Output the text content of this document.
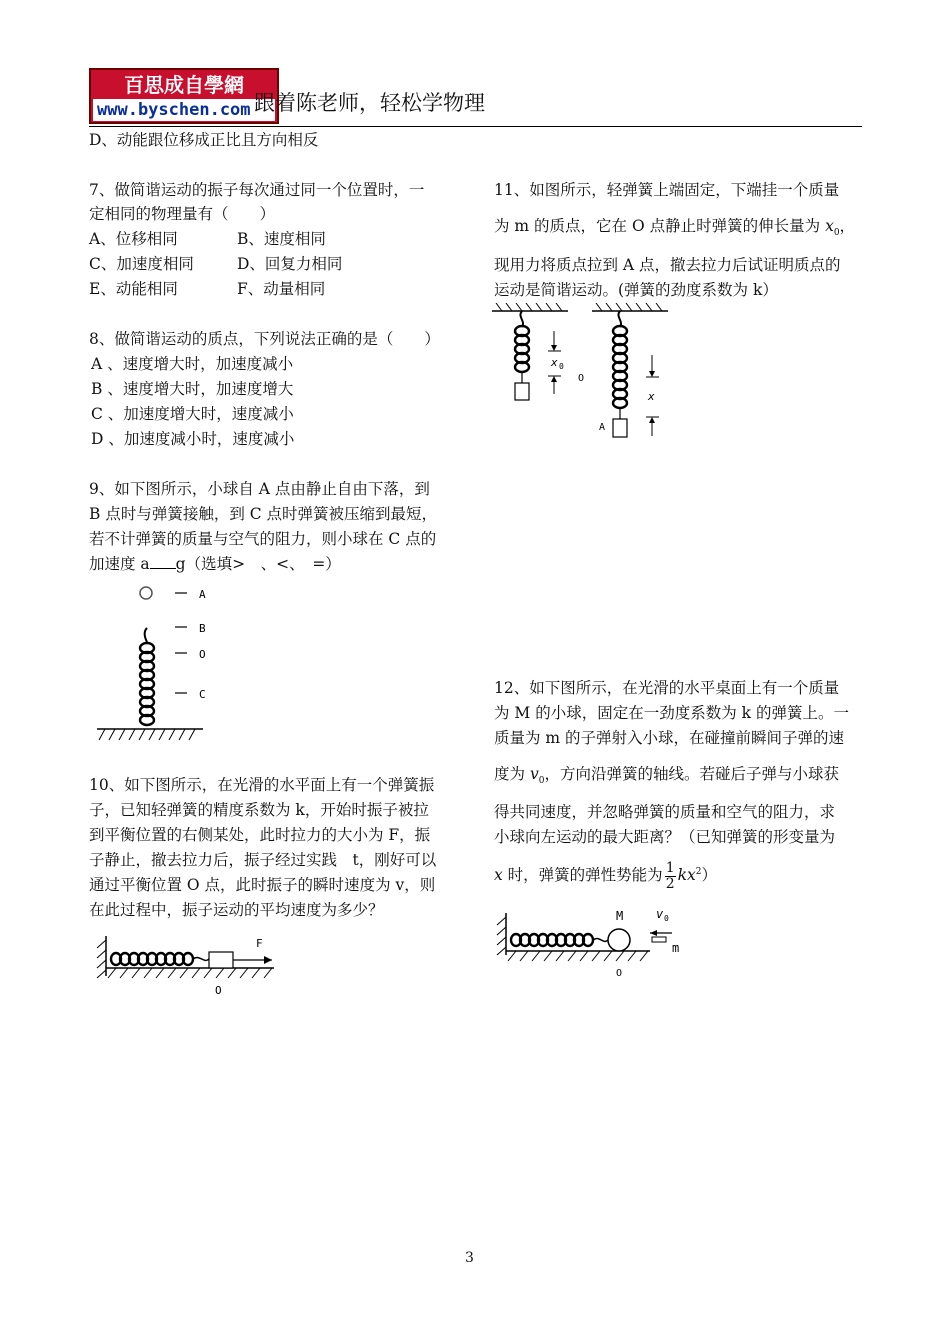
百思成自學網
www.byschen.com 跟着陈老师，轻松学物理
D、动能跟位移成正比且方向相反
7、做简谐运动的振子每次通过同一个位置时，一
定相同的物理量有（　　）
A、位移相同	B、速度相同
C、加速度相同	D、回复力相同
E、动能相同	F、动量相同
8、做简谐运动的质点，下列说法正确的是（　　）
A 、速度增大时，加速度减小
B 、速度增大时，加速度增大
C 、加速度增大时，速度减小
D 、加速度减小时，速度减小
9、如下图所示，小球自 A 点由静止自由下落，到
B 点时与弹簧接触，到 C 点时弹簧被压缩到最短，
若不计弹簧的质量与空气的阻力，则小球在 C 点的
加速度 a g（选填>　、<、　=）
A
B
O
C
10、如下图所示，在光滑的水平面上有一个弹簧振
子，已知轻弹簧的精度系数为 k，开始时振子被拉
到平衡位置的右侧某处，此时拉力的大小为 F，振
子静止，撤去拉力后，振子经过实践　t，刚好可以
通过平衡位置 O 点，此时振子的瞬时速度为 v，则
在此过程中，振子运动的平均速度为多少？
F
O
11、如图所示，轻弹簧上端固定，下端挂一个质量
为 m 的质点，它在 O 点静止时弹簧的伸长量为 $x_0$，
现用力将质点拉到 A 点，撤去拉力后试证明质点的
运动是简谐运动。(弹簧的劲度系数为 k）
x 0
O
A
x
12、如下图所示，在光滑的水平桌面上有一个质量
为 M 的小球，固定在一劲度系数为 k 的弹簧上。一
质量为 m 的子弹射入小球，在碰撞前瞬间子弹的速
度为 $v_0$，方向沿弹簧的轴线。若碰后子弹与小球获
得共同速度，并忽略弹簧的质量和空气的阻力，求
小球向左运动的最大距离？（已知弹簧的形变量为
x 时，弹簧的弹性势能为 $\frac{1}{2} kx^2$）
M	v 0
m
O
3
